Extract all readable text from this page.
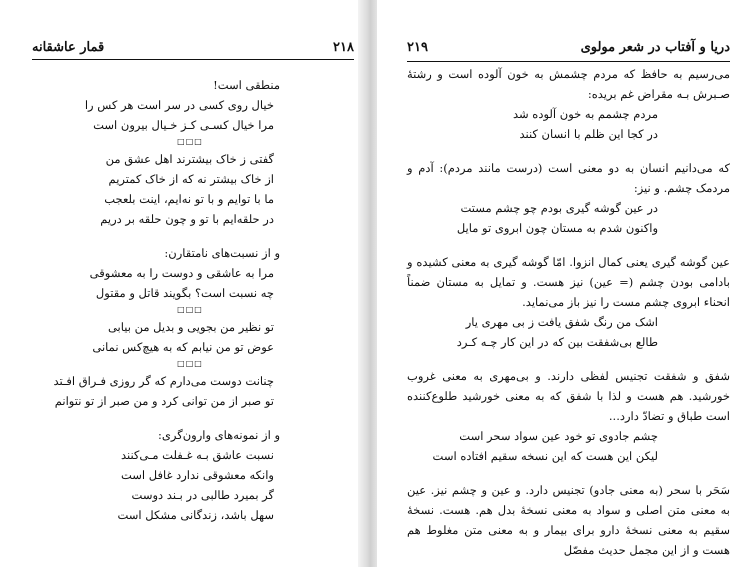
۲۱۸
قمار عاشقانه

منطقی است!

خیال روی کسی در سر است هر کس را

مرا خیال کسـی کـز خـیال بیرون است

□□□

گفتی ز خاک بیشترند اهل عشق من

از خاک بیشتر نه که از خاک کمتریم

ما با توایم و با تو نه‌ایم، اینت بلعجب

در حلقه‌ایم با تو و چون حلقه بر دریم

و از نسبت‌های نامتقارن:

مرا به عاشقی و دوست را به معشوقی

چه نسبت است؟ بگویند قاتل و مقتول

□□□

تو نظیر من بجویی و بدیل من بیابی

عوض تو من نیابم که به هیچ‌کس نمانی

□□□

چنانت دوست می‌دارم که گر روزی فـراق افـتد

تو صبر از من توانی کرد و من صبر از تو نتوانم

و از نمونه‌های وارون‌گری:

نسبت عاشق بـه غـفلت مـی‌کنند

وانکه معشوقی ندارد غافل است

گر بمیرد طالبی در بـند دوست

سهل باشد، زندگانی مشکل است

۲۱۹	دریا و آفتاب در شعر مولوی

می‌رسیم به حافظ که مردم چشمش به خون آلوده است و رشتهٔ صـبرش بـه مقراض غم بریده:

مردم چشمم به خون آلوده شد

در کجا این ظلم با انسان کنند

که می‌دانیم انسان به دو معنی است (درست مانند مردم): آدم و مردمک چشم. و نیز:

در عین گوشه گیری بودم چو چشم مستت

واکنون شدم به مستان چون ابروی تو مایل

عین گوشه گیری یعنی کمال انزوا. امّا گوشه گیری به معنی کشیده و بادامی بودن چشم (= عین) نیز هست. و تمایل به مستان ضمناً انحناء ابروی چشم مست را نیز باز می‌نماید.

اشک من رنگ شفق یافت ز بی مهری یار

طالع بی‌شفقت بین که در این کار چـه کـرد

شفق و شفقت تجنیس لفظی دارند. و بی‌مهری به معنی غروب خورشید. هم هست و لذا با شفق که به معنی خورشید طلوع‌کننده است طباق و تضادّ دارد...

چشم جادوی تو خود عین سواد سحر است

لیکن این هست که این نسخه سقیم افتاده است

سَحَر با سحر (به معنی جادو) تجنیس دارد. و عین و چشم نیز. عین به معنی متن اصلی و سواد به معنی نسخهٔ بدل هم. هست. نسخهٔ سقیم به معنی نسخهٔ دارو برای بیمار و به معنی متن مغلوط هم هست و از این مجمل حدیث مفصّل
